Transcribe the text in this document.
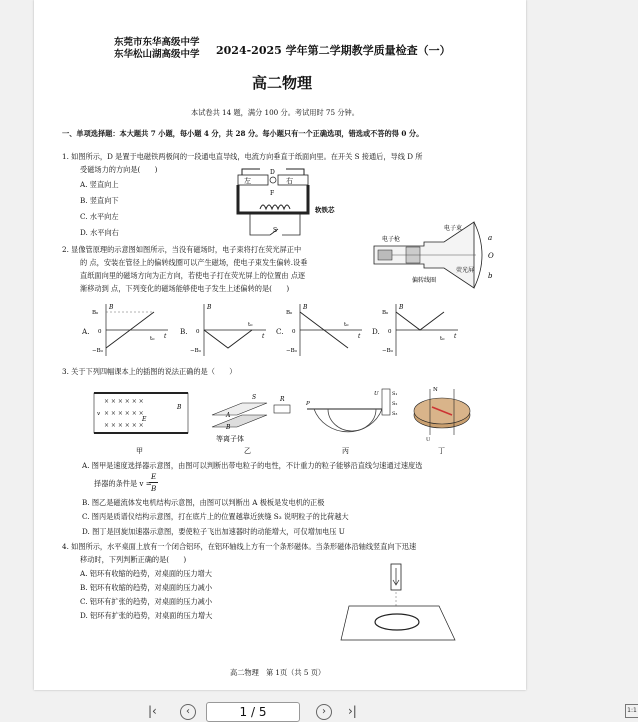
东莞市东华高级中学
东华松山湖高级中学 2024-2025 学年第二学期教学质量检查（一）
高二物理
本试卷共 14 题，满分 100 分。考试用时 75 分钟。
一、单项选择题：本大题共 7 小题，每小题 4 分，共 28 分。每小题只有一个正确选项，错选或不答的得 0 分。
1. 如图所示，D 是置于电磁铁两极间的一段通电直导线，电流方向垂直于纸面向里。在开关 S 接通后，导线 D 所
受磁场力的方向是(　　)
A. 竖直向上
B. 竖直向下
C. 水平向左
D. 水平向右
左	右
D
F
S
软铁芯
2. 显像管原理的示意图如图所示，当没有磁场时，电子束将打在荧光屏正中
的 点，安装在管径上的偏转线圈可以产生磁场，使电子束发生偏转.设垂
直纸面向里的磁场方向为正方向，若使电子打在荧光屏上的位置由 点逐
渐移动到 点，下列变化的磁场能够使电子发生上述偏转的是(　　)
电子枪
电子束
荧光屏
偏转线圈
a
O
b
A.	B.	C.	D.
B
B₀
0
−B₀
t
t₀
B
0
−B₀
t
t₀
B
B₀
0
−B₀
t
t₀
B
B₀
0
−B₀
t
t₀
3. 关于下列四幅课本上的插图的说法正确的是（　　）
× × × × × ×
× × × × × ×
× × × × × ×
B
E
v
甲
A
B
R
S
等离子体
乙
P
U	S₁
S₂
S₃
丙
N
U
丁
A. 图甲是速度选择器示意图，由图可以判断出带电粒子的电性，不计重力的粒子能够沿直线匀速通过速度选
择器的条件是 v =
E
B
B. 图乙是磁流体发电机结构示意图，由图可以判断出 A 极板是发电机的正极
C. 图丙是质谱仪结构示意图，打在底片上的位置越靠近狭缝 S₃ 说明粒子的比荷越大
D. 图丁是回旋加速器示意图，要使粒子飞出加速器时的动能增大，可仅增加电压 U
4. 如图所示，水平桌面上放有一个闭合铝环，在铝环轴线上方有一个条形磁体。当条形磁体沿轴线竖直向下迅速
移动时，下列判断正确的是(　　)
A. 铝环有收缩的趋势，对桌面的压力增大
B. 铝环有收缩的趋势，对桌面的压力减小
C. 铝环有扩张的趋势，对桌面的压力减小
D. 铝环有扩张的趋势，对桌面的压力增大
高二物理　第 1页（共 5 页）
|‹	‹	1 / 5	›	›|	1:1
